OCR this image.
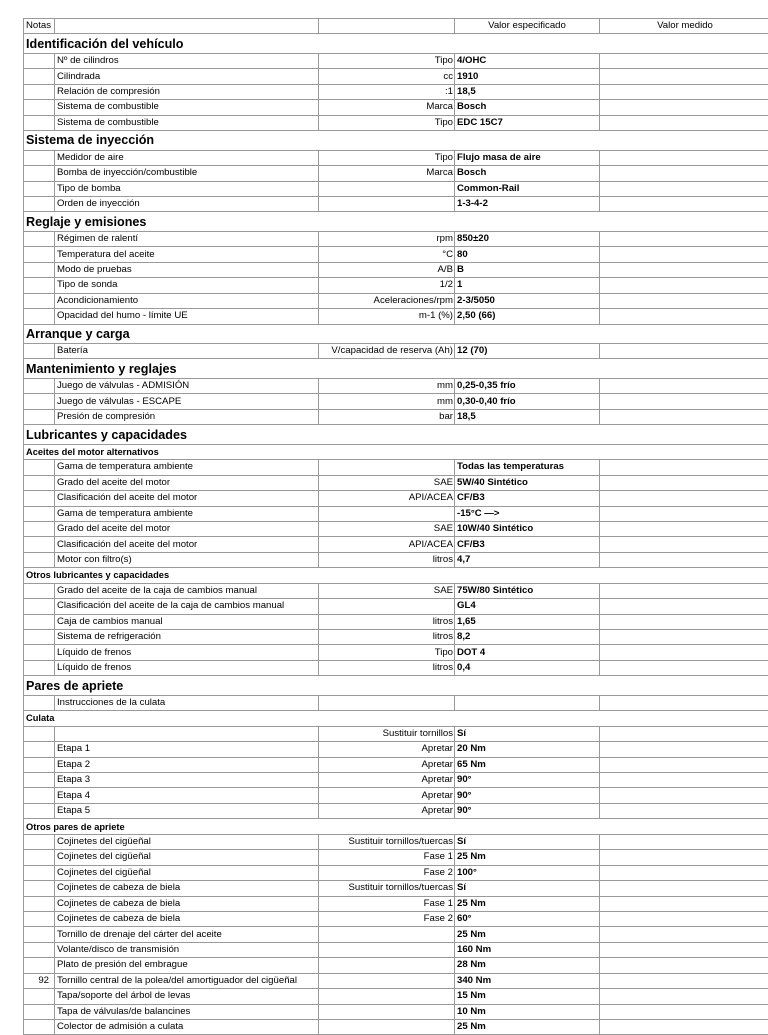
Notas			Valor especificado	Valor medido
Identificación del vehículo				
	Nº de cilindros	Tipo	4/OHC	
	Cilindrada	cc	1910	
	Relación de compresión	:1	18,5	
	Sistema de combustible	Marca	Bosch	
	Sistema de combustible	Tipo	EDC 15C7	
Sistema de inyección				
	Medidor de aire	Tipo	Flujo masa de aire	
	Bomba de inyección/combustible	Marca	Bosch	
	Tipo de bomba		Common-Rail	
	Orden de inyección		1-3-4-2	
Reglaje y emisiones				
	Régimen de ralentí	rpm	850±20	
	Temperatura del aceite	°C	80	
	Modo de pruebas	A/B	B	
	Tipo de sonda	1/2	1	
	Acondicionamiento	Aceleraciones/rpm	2-3/5050	
	Opacidad del humo - límite UE	m-1 (%)	2,50 (66)	
Arranque y carga				
	Batería	V/capacidad de reserva (Ah)	12 (70)	
Mantenimiento y reglajes				
	Juego de válvulas - ADMISIÓN	mm	0,25-0,35 frío	
	Juego de válvulas - ESCAPE	mm	0,30-0,40 frío	
	Presión de compresión	bar	18,5	
Lubricantes y capacidades				
Aceites del motor alternativos				
	Gama de temperatura ambiente		Todas las temperaturas	
	Grado del aceite del motor	SAE	5W/40 Sintético	
	Clasificación del aceite del motor	API/ACEA	CF/B3	
	Gama de temperatura ambiente		-15°C —>	
	Grado del aceite del motor	SAE	10W/40 Sintético	
	Clasificación del aceite del motor	API/ACEA	CF/B3	
	Motor con filtro(s)	litros	4,7	
Otros lubricantes y capacidades				
	Grado del aceite de la caja de cambios manual	SAE	75W/80 Sintético	
	Clasificación del aceite de la caja de cambios manual		GL4	
	Caja de cambios manual	litros	1,65	
	Sistema de refrigeración	litros	8,2	
	Líquido de frenos	Tipo	DOT 4	
	Líquido de frenos	litros	0,4	
Pares de apriete				
	Instrucciones de la culata			
Culata				
		Sustituir tornillos	Sí	
	Etapa 1	Apretar	20 Nm	
	Etapa 2	Apretar	65 Nm	
	Etapa 3	Apretar	90°	
	Etapa 4	Apretar	90°	
	Etapa 5	Apretar	90°	
Otros pares de apriete				
	Cojinetes del cigüeñal	Sustituir tornillos/tuercas	Sí	
	Cojinetes del cigüeñal	Fase 1	25 Nm	
	Cojinetes del cigüeñal	Fase 2	100°	
	Cojinetes de cabeza de biela	Sustituir tornillos/tuercas	Sí	
	Cojinetes de cabeza de biela	Fase 1	25 Nm	
	Cojinetes de cabeza de biela	Fase 2	60°	
	Tornillo de drenaje del cárter del aceite		25 Nm	
	Volante/disco de transmisión		160 Nm	
	Plato de presión del embrague		28 Nm	
92	Tornillo central de la polea/del amortiguador del cigüeñal		340 Nm	
	Tapa/soporte del árbol de levas		15 Nm	
	Tapa de válvulas/de balancines		10 Nm	
	Colector de admisión a culata		25 Nm	
